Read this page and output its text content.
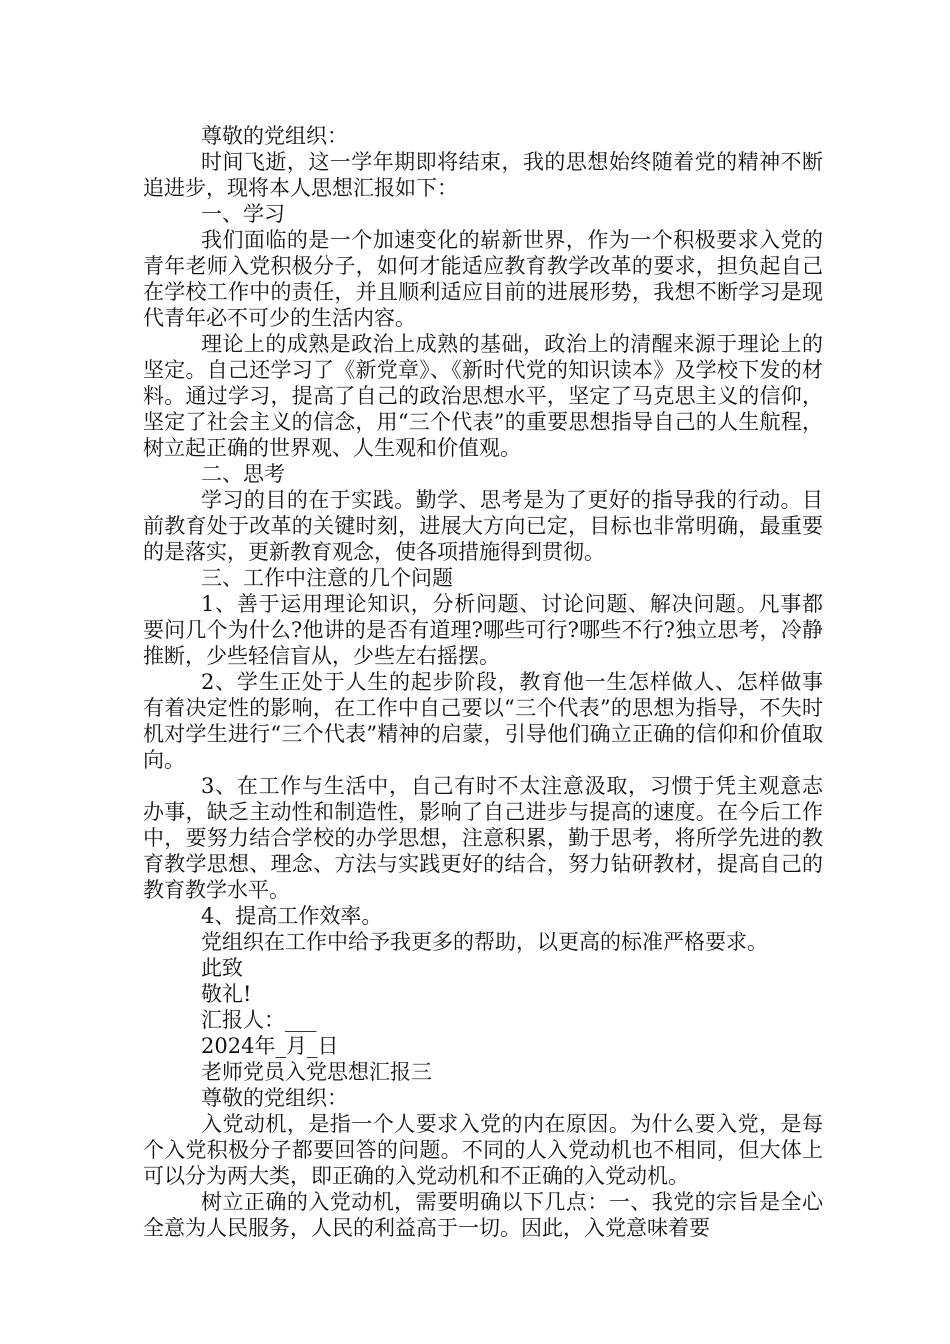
尊敬的党组织：

时间飞逝，这一学年期即将结束，我的思想始终随着党的精神不断追进步，现将本人思想汇报如下：

一、学习

我们面临的是一个加速变化的崭新世界，作为一个积极要求入党的青年老师入党积极分子，如何才能适应教育教学改革的要求，担负起自己在学校工作中的责任，并且顺利适应目前的进展形势，我想不断学习是现代青年必不可少的生活内容。

理论上的成熟是政治上成熟的基础，政治上的清醒来源于理论上的坚定。自己还学习了《新党章》、《新时代党的知识读本》及学校下发的材料。通过学习，提高了自己的政治思想水平，坚定了马克思主义的信仰，坚定了社会主义的信念，用“三个代表”的重要思想指导自己的人生航程，树立起正确的世界观、人生观和价值观。

二、思考

学习的目的在于实践。勤学、思考是为了更好的指导我的行动。目前教育处于改革的关键时刻，进展大方向已定，目标也非常明确，最重要的是落实，更新教育观念，使各项措施得到贯彻。

三、工作中注意的几个问题

1、善于运用理论知识，分析问题、讨论问题、解决问题。凡事都要问几个为什么?他讲的是否有道理?哪些可行?哪些不行?独立思考，冷静推断，少些轻信盲从，少些左右摇摆。

2、学生正处于人生的起步阶段，教育他一生怎样做人、怎样做事有着决定性的影响，在工作中自己要以“三个代表”的思想为指导，不失时机对学生进行“三个代表”精神的启蒙，引导他们确立正确的信仰和价值取向。

3、在工作与生活中，自己有时不太注意汲取，习惯于凭主观意志办事，缺乏主动性和制造性，影响了自己进步与提高的速度。在今后工作中，要努力结合学校的办学思想，注意积累，勤于思考，将所学先进的教育教学思想、理念、方法与实践更好的结合，努力钻研教材，提高自己的教育教学水平。

4、提高工作效率。

党组织在工作中给予我更多的帮助，以更高的标准严格要求。

此致

敬礼!

汇报人：___

2024年_月_日

老师党员入党思想汇报三

尊敬的党组织：

入党动机，是指一个人要求入党的内在原因。为什么要入党，是每个入党积极分子都要回答的问题。不同的人入党动机也不相同，但大体上可以分为两大类，即正确的入党动机和不正确的入党动机。

树立正确的入党动机，需要明确以下几点：一、我党的宗旨是全心全意为人民服务，人民的利益高于一切。因此，入党意味着要
